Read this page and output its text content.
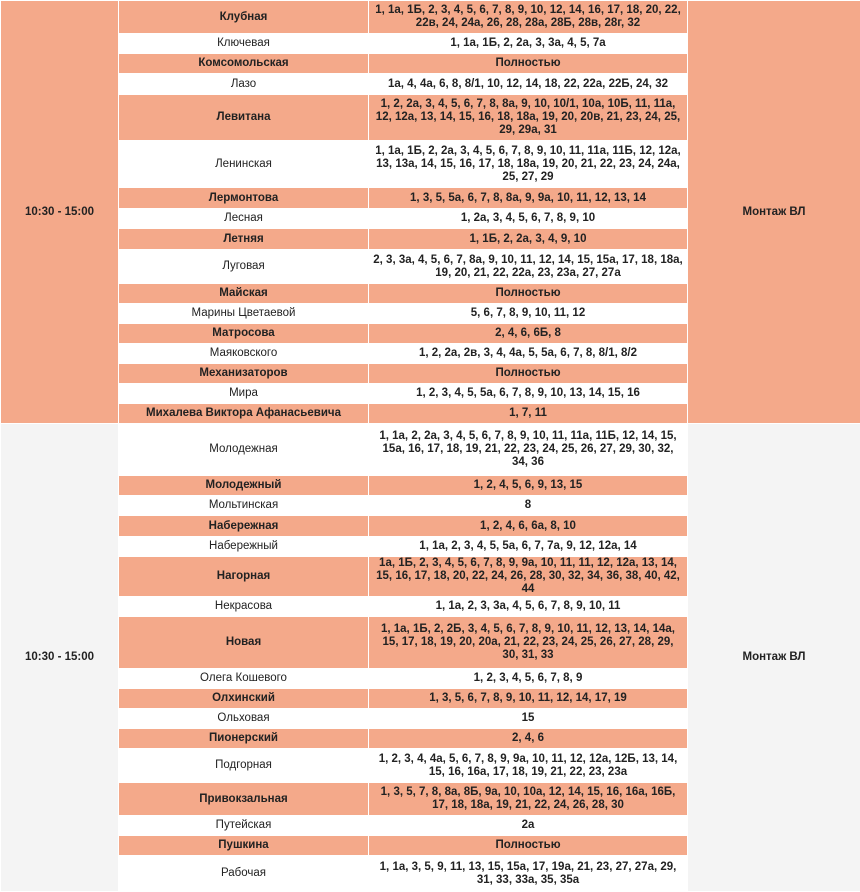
10:30 - 15:00	Клубная	1, 1а, 1Б, 2, 3, 4, 5, 6, 7, 8, 9, 10, 12, 14, 16, 17, 18, 20, 22, 22в, 24, 24а, 26, 28, 28а, 28Б, 28в, 28г, 32	Монтаж ВЛ
	Ключевая	1, 1а, 1Б, 2, 2а, 3, 3а, 4, 5, 7а	
	Комсомольская	Полностью	
	Лазо	1а, 4, 4а, 6, 8, 8/1, 10, 12, 14, 18, 22, 22а, 22Б, 24, 32	
	Левитана	1, 2, 2а, 3, 4, 5, 6, 7, 8, 8а, 9, 10, 10/1, 10а, 10Б, 11, 11а, 12, 12а, 13, 14, 15, 16, 18, 18а, 19, 20, 20в, 21, 23, 24, 25, 29, 29а, 31	
	Ленинская	1, 1а, 1Б, 2, 2а, 3, 4, 5, 6, 7, 8, 9, 10, 11, 11а, 11Б, 12, 12а, 13, 13а, 14, 15, 16, 17, 18, 18а, 19, 20, 21, 22, 23, 24, 24а, 25, 27, 29	
	Лермонтова	1, 3, 5, 5а, 6, 7, 8, 8а, 9, 9а, 10, 11, 12, 13, 14	
	Лесная	1, 2а, 3, 4, 5, 6, 7, 8, 9, 10	
	Летняя	1, 1Б, 2, 2а, 3, 4, 9, 10	
	Луговая	2, 3, 3а, 4, 5, 6, 7, 8а, 9, 10, 11, 12, 14, 15, 15а, 17, 18, 18а, 19, 20, 21, 22, 22а, 23, 23а, 27, 27а	
	Майская	Полностью	
	Марины Цветаевой	5, 6, 7, 8, 9, 10, 11, 12	
	Матросова	2, 4, 6, 6Б, 8	
	Маяковского	1, 2, 2а, 2в, 3, 4, 4а, 5, 5а, 6, 7, 8, 8/1, 8/2	
	Механизаторов	Полностью	
	Мира	1, 2, 3, 4, 5, 5а, 6, 7, 8, 9, 10, 13, 14, 15, 16	
	Михалева Виктора Афанасьевича	1, 7, 11	
10:30 - 15:00	Молодежная	1, 1а, 2, 2а, 3, 4, 5, 6, 7, 8, 9, 10, 11, 11а, 11Б, 12, 14, 15, 15а, 16, 17, 18, 19, 21, 22, 23, 24, 25, 26, 27, 29, 30, 32, 34, 36	Монтаж ВЛ
	Молодежный	1, 2, 4, 5, 6, 9, 13, 15	
	Мольтинская	8	
	Набережная	1, 2, 4, 6, 6а, 8, 10	
	Набережный	1, 1а, 2, 3, 4, 5, 5а, 6, 7, 7а, 9, 12, 12а, 14	
	Нагорная	1а, 1Б, 2, 3, 4, 5, 6, 7, 8, 9, 9а, 10, 11, 11, 12, 12а, 13, 14, 15, 16, 17, 18, 20, 22, 24, 26, 28, 30, 32, 34, 36, 38, 40, 42, 44	
	Некрасова	1, 1а, 2, 3, 3а, 4, 5, 6, 7, 8, 9, 10, 11	
	Новая	1, 1а, 1Б, 2, 2Б, 3, 4, 5, 6, 7, 8, 9, 10, 11, 12, 13, 14, 14а, 15, 17, 18, 19, 20, 20а, 21, 22, 23, 24, 25, 26, 27, 28, 29, 30, 31, 33	
	Олега Кошевого	1, 2, 3, 4, 5, 6, 7, 8, 9	
	Олхинский	1, 3, 5, 6, 7, 8, 9, 10, 11, 12, 14, 17, 19	
	Ольховая	15	
	Пионерский	2, 4, 6	
	Подгорная	1, 2, 3, 4, 4а, 5, 6, 7, 8, 9, 9а, 10, 11, 12, 12а, 12Б, 13, 14, 15, 16, 16а, 17, 18, 19, 21, 22, 23, 23а	
	Привокзальная	1, 3, 5, 7, 8, 8а, 8Б, 9а, 10, 10а, 12, 14, 15, 16, 16а, 16Б, 17, 18, 18а, 19, 21, 22, 24, 26, 28, 30	
	Путейская	2а	
	Пушкина	Полностью	
	Рабочая	1, 1а, 3, 5, 9, 11, 13, 15, 15а, 17, 19а, 21, 23, 27, 27а, 29, 31, 33, 33а, 35, 35а	
